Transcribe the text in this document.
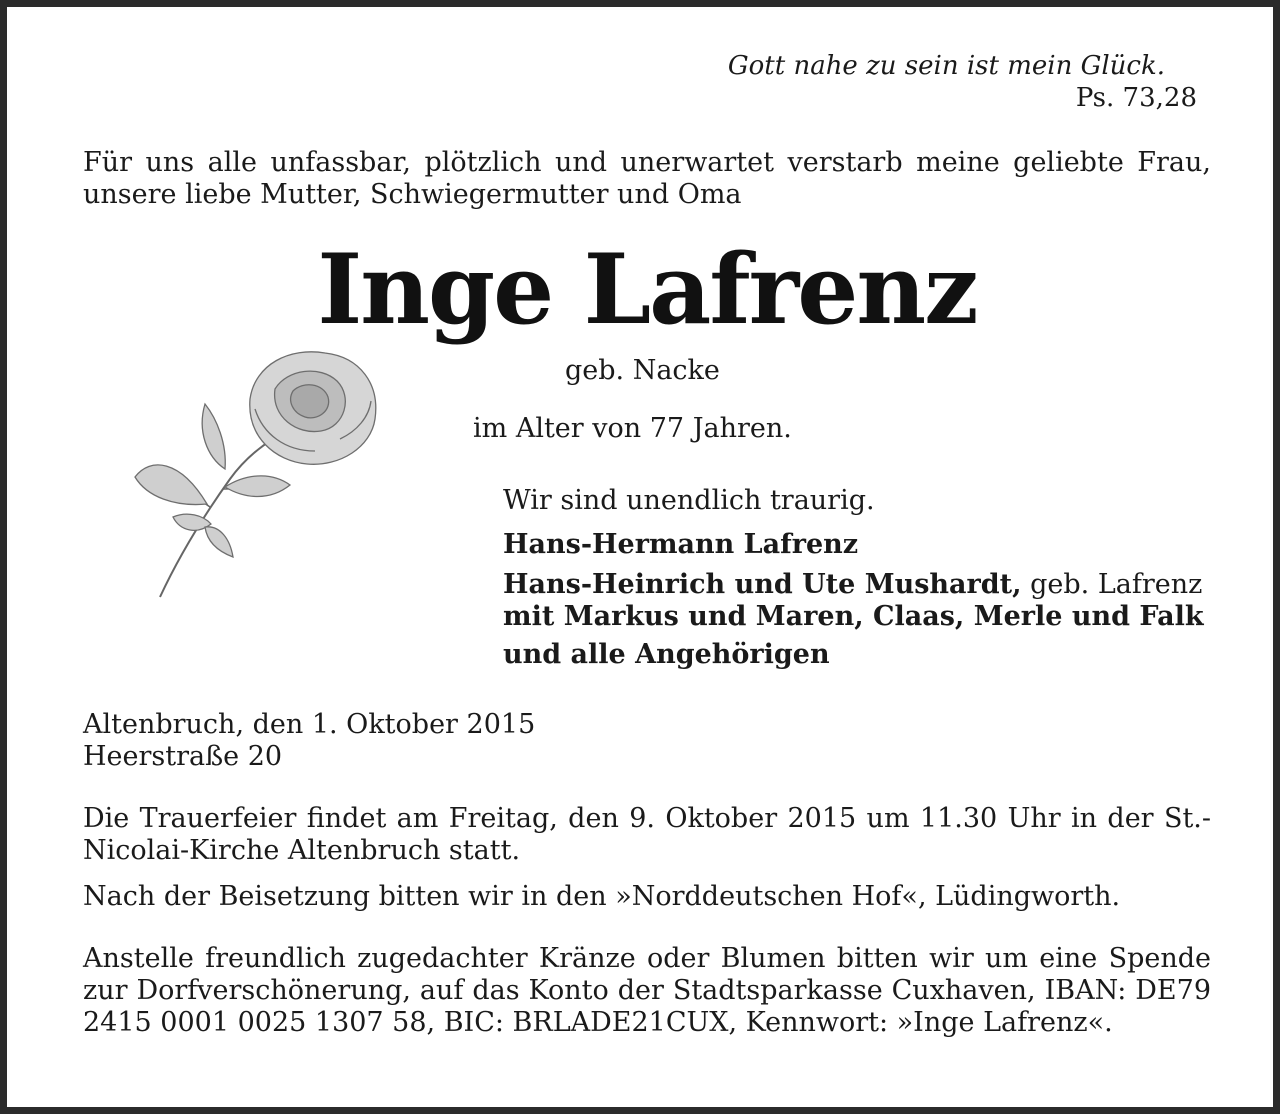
Gott nahe zu sein ist mein Glück.
Ps. 73,28
Für uns alle unfassbar, plötzlich und unerwartet verstarb meine geliebte Frau, unsere liebe Mutter, Schwiegermutter und Oma
Inge Lafrenz
geb. Nacke
im Alter von 77 Jahren.
Wir sind unendlich traurig.
Hans-Hermann Lafrenz
Hans-Heinrich und Ute Mushardt, geb. Lafrenz
mit Markus und Maren, Claas, Merle und Falk
und alle Angehörigen
Altenbruch, den 1. Oktober 2015
Heerstraße 20
Die Trauerfeier findet am Freitag, den 9. Oktober 2015 um 11.30 Uhr in der St.-Nicolai-Kirche Altenbruch statt.
Nach der Beisetzung bitten wir in den »Norddeutschen Hof«, Lüdingworth.
Anstelle freundlich zugedachter Kränze oder Blumen bitten wir um eine Spende zur Dorfverschönerung, auf das Konto der Stadtsparkasse Cuxhaven, IBAN: DE79 2415 0001 0025 1307 58, BIC: BRLADE21CUX, Kennwort: »Inge Lafrenz«.
